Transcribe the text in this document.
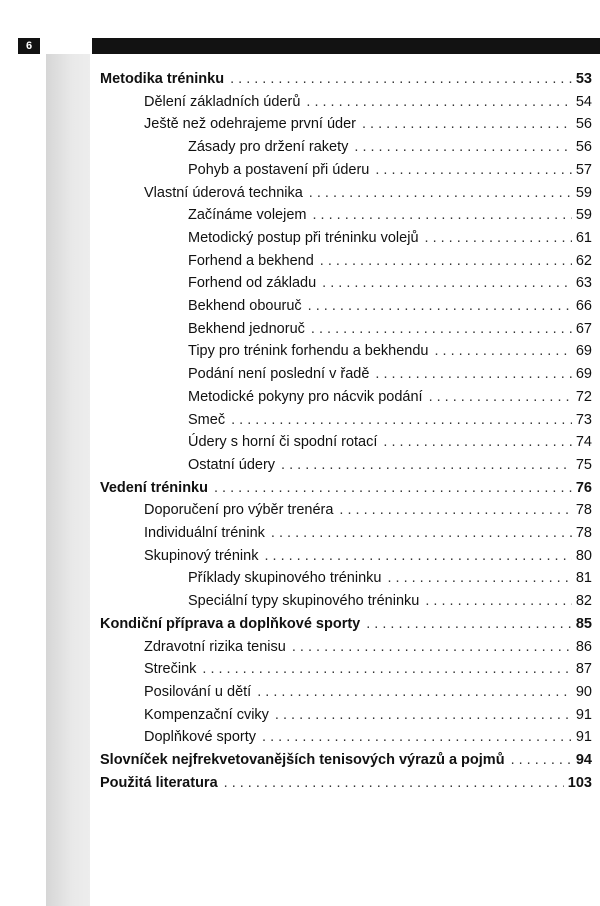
6
Metodika tréninku . . .	53
Dělení základních úderů . . .	54
Ještě než odehrajeme první úder . . .	56
Zásady pro držení rakety . . .	56
Pohyb a postavení při úderu . . .	57
Vlastní úderová technika . . .	59
Začínáme volejem . . .	59
Metodický postup při tréninku volejů . . .	61
Forhend a bekhend . . .	62
Forhend od základu . . .	63
Bekhend obouruč . . .	66
Bekhend jednoruč . . .	67
Tipy pro trénink forhendu a bekhendu . . .	69
Podání není poslední v řadě . . .	69
Metodické pokyny pro nácvik podání . . .	72
Smeč . . .	73
Údery s horní či spodní rotací . . .	74
Ostatní údery . . .	75
Vedení tréninku . . .	76
Doporučení pro výběr trenéra . . .	78
Individuální trénink . . .	78
Skupinový trénink . . .	80
Příklady skupinového tréninku . . .	81
Speciální typy skupinového tréninku . . .	82
Kondiční příprava a doplňkové sporty . . .	85
Zdravotní rizika tenisu . . .	86
Strečink . . .	87
Posilování u dětí . . .	90
Kompenzační cviky . . .	91
Doplňkové sporty . . .	91
Slovníček nejfrekvetovanějších tenisových výrazů a pojmů . . .	94
Použitá literatura . . .	103
